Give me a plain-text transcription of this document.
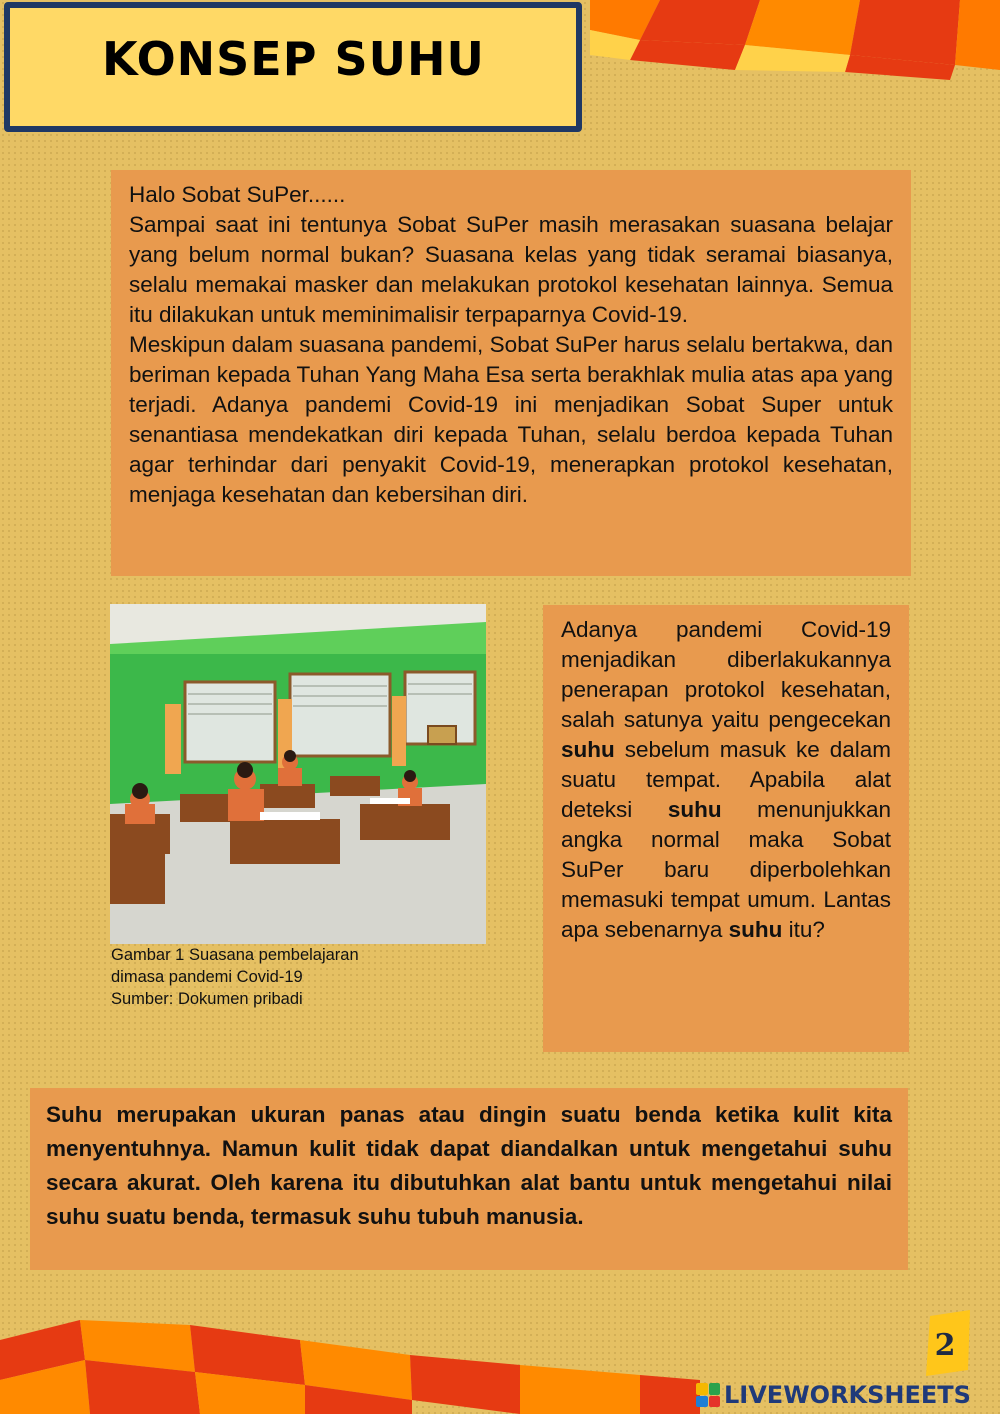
KONSEP SUHU

Halo Sobat SuPer......

Sampai saat ini tentunya Sobat SuPer masih merasakan suasana belajar yang belum normal bukan? Suasana kelas yang tidak seramai biasanya, selalu memakai masker dan melakukan protokol kesehatan lainnya. Semua itu dilakukan untuk meminimalisir terpaparnya Covid-19.

Meskipun dalam suasana pandemi, Sobat SuPer harus selalu bertakwa, dan beriman kepada Tuhan Yang Maha Esa serta berakhlak mulia atas apa yang terjadi. Adanya pandemi Covid-19 ini menjadikan Sobat Super untuk senantiasa mendekatkan diri kepada Tuhan, selalu berdoa kepada Tuhan agar terhindar dari penyakit Covid-19, menerapkan protokol kesehatan, menjaga kesehatan dan kebersihan diri.

Gambar 1 Suasana pembelajaran
dimasa pandemi Covid-19
Sumber: Dokumen pribadi

Adanya pandemi Covid-19 menjadikan diberlakukannya penerapan protokol kesehatan, salah satunya yaitu pengecekan suhu sebelum masuk ke dalam suatu tempat. Apabila alat deteksi suhu menunjukkan angka normal maka Sobat SuPer baru diperbolehkan memasuki tempat umum. Lantas apa sebenarnya suhu itu?

Suhu merupakan ukuran panas atau dingin suatu benda ketika kulit kita menyentuhnya. Namun kulit tidak dapat diandalkan untuk mengetahui suhu secara akurat. Oleh karena itu dibutuhkan alat bantu untuk mengetahui nilai suhu suatu benda, termasuk suhu tubuh manusia.

2
LIVEWORKSHEETS
